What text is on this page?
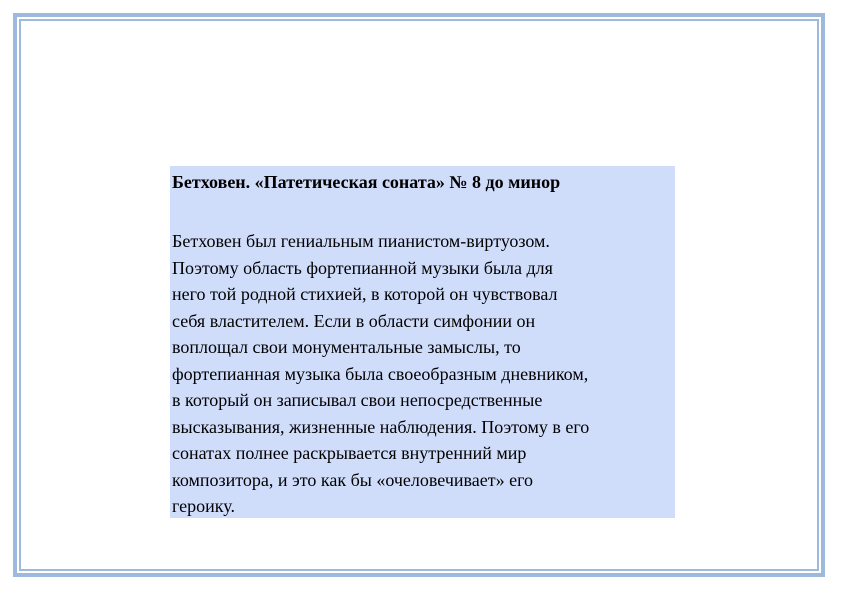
Бетховен. «Патетическая соната» № 8 до минор

Бетховен был гениальным пианистом-виртуозом.
Поэтому область фортепианной музыки была для
него той родной стихией, в которой он чувствовал
себя властителем. Если в области симфонии он
воплощал свои монументальные замыслы, то
фортепианная музыка была своеобразным дневником,
в который он записывал свои непосредственные
высказывания, жизненные наблюдения. Поэтому в его
сонатах полнее раскрывается внутренний мир
композитора, и это как бы «очеловечивает» его
героику.
